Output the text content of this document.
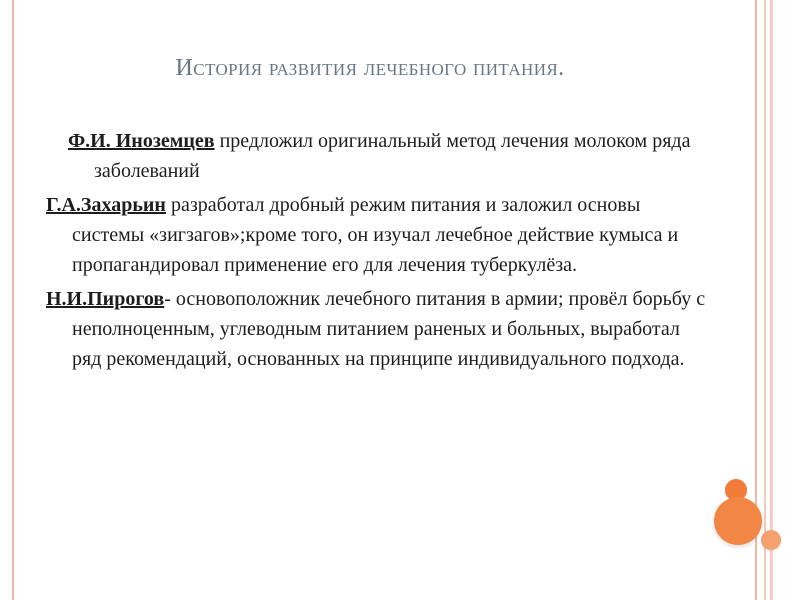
История развития лечебного питания.

Ф.И. Иноземцев предложил оригинальный метод лечения молоком ряда заболеваний

Г.А.Захарьин разработал дробный режим питания и заложил основы системы «зигзагов»;кроме того, он изучал лечебное действие кумыса и пропагандировал применение его для лечения туберкулёза.

Н.И.Пирогов- основоположник лечебного питания в армии; провёл борьбу с неполноценным, углеводным питанием раненых и больных, выработал ряд рекомендаций, основанных на принципе индивидуального подхода.
